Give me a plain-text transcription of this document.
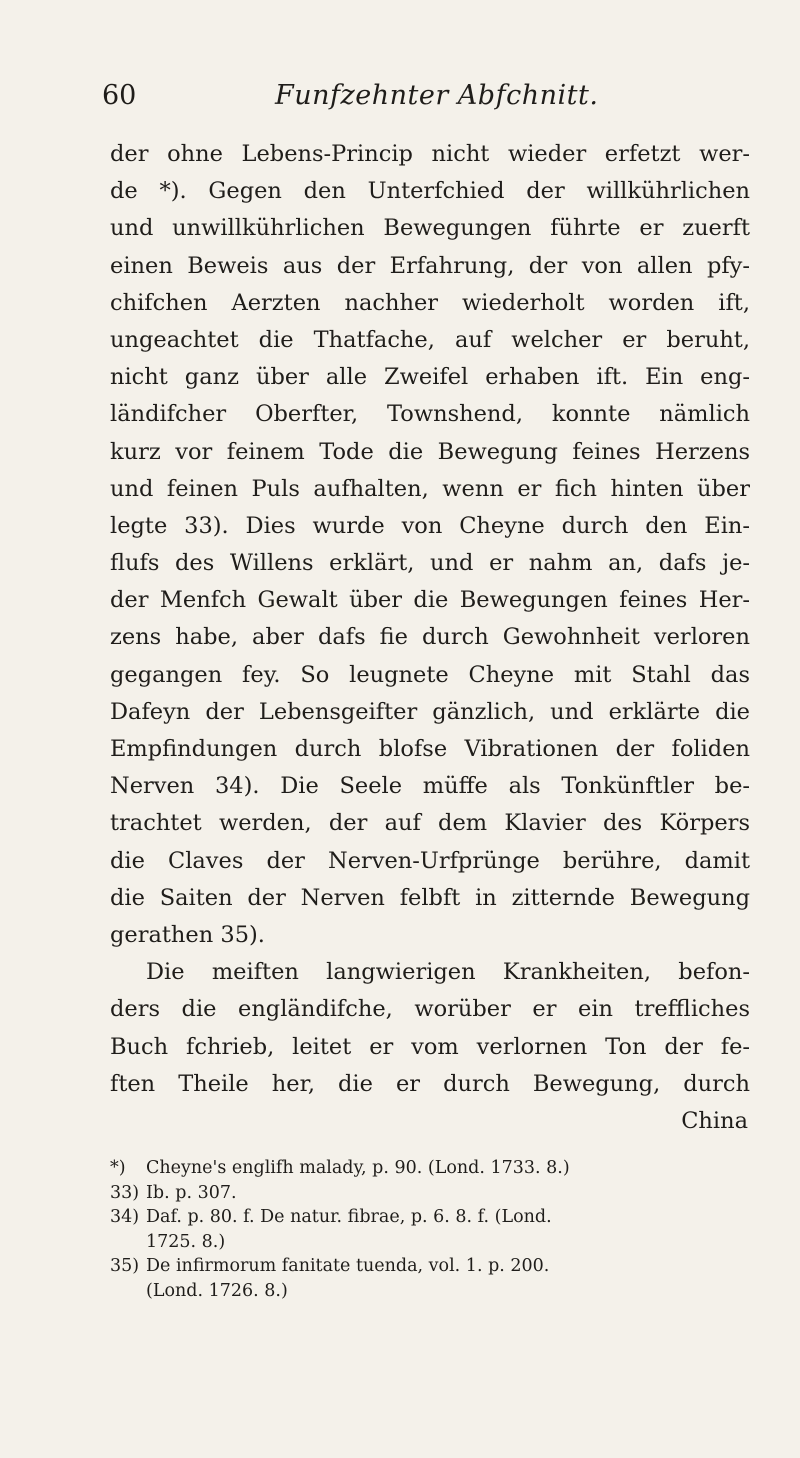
60	Funfzehnter Abfchnitt.
der ohne Lebens-Princip nicht wieder erfetzt wer-
de *). Gegen den Unterfchied der willkührlichen
und unwillkührlichen Bewegungen führte er zuerft
einen Beweis aus der Erfahrung, der von allen pfy-
chifchen Aerzten nachher wiederholt worden ift,
ungeachtet die Thatfache, auf welcher er beruht,
nicht ganz über alle Zweifel erhaben ift. Ein eng-
ländifcher Oberfter, Townshend, konnte nämlich
kurz vor feinem Tode die Bewegung feines Herzens
und feinen Puls aufhalten, wenn er fich hinten über
legte 33). Dies wurde von Cheyne durch den Ein-
flufs des Willens erklärt, und er nahm an, dafs je-
der Menfch Gewalt über die Bewegungen feines Her-
zens habe, aber dafs fie durch Gewohnheit verloren
gegangen fey. So leugnete Cheyne mit Stahl das
Dafeyn der Lebensgeifter gänzlich, und erklärte die
Empfindungen durch blofse Vibrationen der foliden
Nerven 34). Die Seele müffe als Tonkünftler be-
trachtet werden, der auf dem Klavier des Körpers
die Claves der Nerven-Urfprünge berühre, damit
die Saiten der Nerven felbft in zitternde Bewegung
gerathen 35).
Die meiften langwierigen Krankheiten, befon-
ders die engländifche, worüber er ein treffliches
Buch fchrieb, leitet er vom verlornen Ton der fe-
ften Theile her, die er durch Bewegung, durch
China
*) Cheyne's englifh malady, p. 90. (Lond. 1733. 8.)
33) Ib. p. 307.
34) Daf. p. 80. f. De natur. fibrae, p. 6. 8. f. (Lond.
1725. 8.)
35) De infirmorum fanitate tuenda, vol. 1. p. 200.
(Lond. 1726. 8.)
